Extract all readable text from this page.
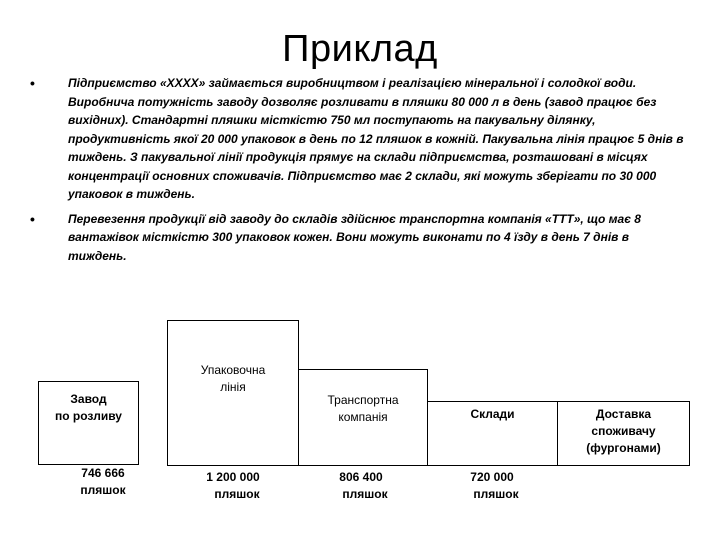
Приклад
•	Підприємство «ХХХХ» займається виробництвом і реалізацією мінеральної і солодкої води. Виробнича потужність заводу дозволяє розливати в пляшки 80 000 л в день (завод працює без вихідних). Стандартні пляшки місткістю 750 мл поступають на пакувальну ділянку, продуктивність якої 20 000 упаковок в день по 12 пляшок в кожній. Пакувальна лінія працює 5 днів в тиждень. З пакувальної лінії продукція прямує на склади підприємства, розташовані в місцях концентрації основних споживачів. Підприємство має 2 склади, які можуть зберігати по 30 000 упаковок в тиждень.
•	Перевезення продукції від заводу до складів здійснює транспортна компанія «ТТТ», що має 8 вантажівок місткістю 300 упаковок кожен. Вони можуть виконати по 4 їзду в день 7 днів в тиждень.
Завод
по розливу
Упаковочна
лінія
Транспортна
компанія	Склади	Доставка
споживачу
(фургонами)
746 666
пляшок
1 200 000
пляшок
806 400
пляшок
720 000
пляшок
